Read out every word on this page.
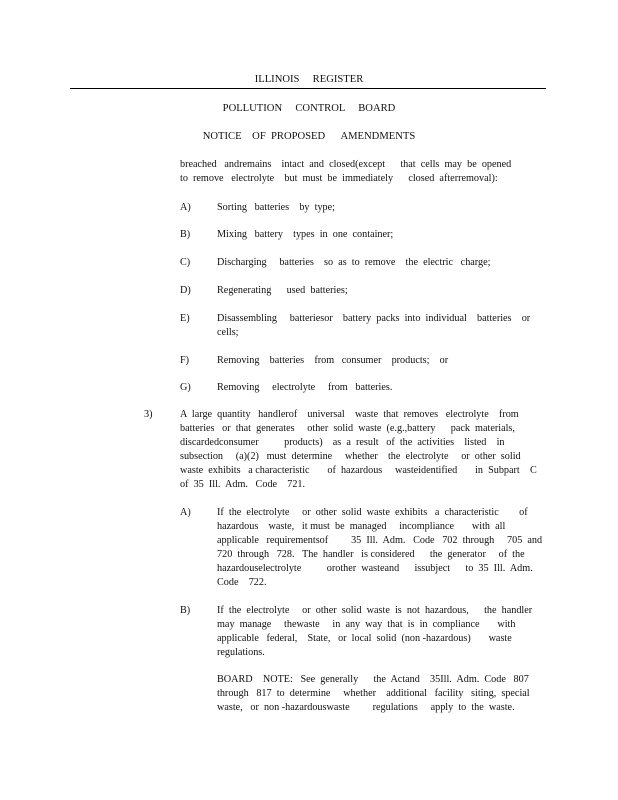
ILLINOIS     REGISTER
POLLUTION     CONTROL     BOARD
NOTICE    OF  PROPOSED      AMENDMENTS
breached   andremains    intact  and  closed(except      that  cells  may  be  opened
to  remove   electrolyte    but  must  be  immediately      closed  afterremoval):
A)	Sorting   batteries    by  type;
B)	Mixing   battery    types  in  one  container;
C)	Discharging     batteries    so  as  to  remove    the  electric   charge;
D)	Regenerating      used  batteries;
E)	Disassembling     batteriesor    battery  packs  into  individual    batteries    or
cells;
F)	Removing    batteries    from   consumer    products;    or
G)	Removing     electrolyte     from   batteries.
3)	A  large  quantity   handlerof    universal    waste  that  removes   electrolyte    from
batteries   or  that  generates     other  solid  waste  (e.g.,battery      pack  materials,
discardedconsumer          products)    as  a  result   of  the  activities    listed    in
subsection     (a)(2)   must  determine     whether    the  electrolyte     or  other  solid
waste  exhibits   a characteristic       of  hazardous     wasteidentified       in  Subpart    C
of  35  Ill.  Adm.   Code    721.
A)	If  the  electrolyte     or  other  solid  waste  exhibits   a  characteristic        of
hazardous    waste,   it must  be  managed     incompliance       with  all
applicable   requirementsof         35  Ill.  Adm.   Code   702  through     705  and
720  through   728.   The  handler   is considered      the  generator     of  the
hazardouselectrolyte          orother  wasteand      issubject      to  35  Ill.  Adm.
Code    722.
B)	If  the  electrolyte     or  other  solid  waste  is  not  hazardous,      the  handler
may  manage     thewaste     in  any  way  that  is  in  compliance       with
applicable   federal,    State,   or  local  solid  (non -hazardous)       waste
regulations.
BOARD    NOTE:   See  generally      the  Actand    35Ill.  Adm.  Code   807
through   817  to  determine     whether    additional   facility   siting,  special
waste,   or  non -hazardouswaste         regulations     apply  to  the  waste.
